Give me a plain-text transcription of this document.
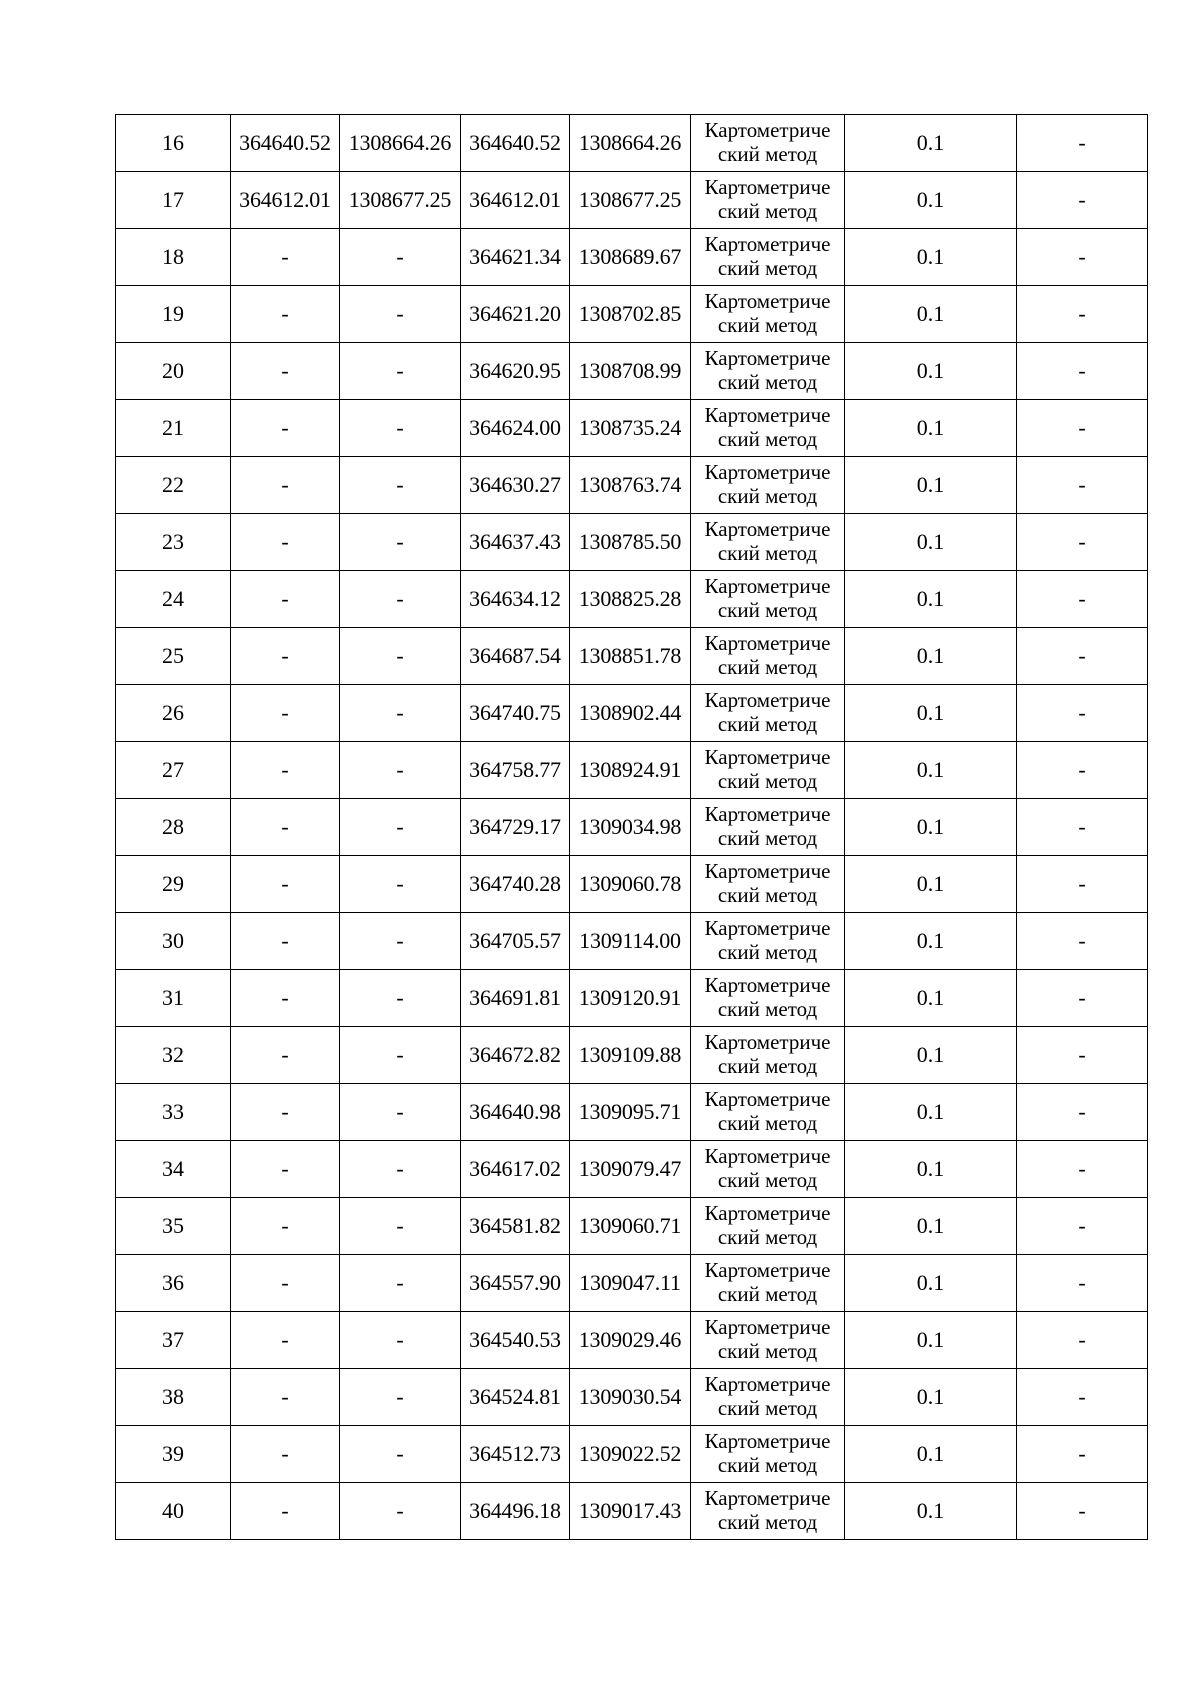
16	364640.52	1308664.26	364640.52	1308664.26	Картометриче
ский метод	0.1	-
17	364612.01	1308677.25	364612.01	1308677.25	Картометриче
ский метод	0.1	-
18	-	-	364621.34	1308689.67	Картометриче
ский метод	0.1	-
19	-	-	364621.20	1308702.85	Картометриче
ский метод	0.1	-
20	-	-	364620.95	1308708.99	Картометриче
ский метод	0.1	-
21	-	-	364624.00	1308735.24	Картометриче
ский метод	0.1	-
22	-	-	364630.27	1308763.74	Картометриче
ский метод	0.1	-
23	-	-	364637.43	1308785.50	Картометриче
ский метод	0.1	-
24	-	-	364634.12	1308825.28	Картометриче
ский метод	0.1	-
25	-	-	364687.54	1308851.78	Картометриче
ский метод	0.1	-
26	-	-	364740.75	1308902.44	Картометриче
ский метод	0.1	-
27	-	-	364758.77	1308924.91	Картометриче
ский метод	0.1	-
28	-	-	364729.17	1309034.98	Картометриче
ский метод	0.1	-
29	-	-	364740.28	1309060.78	Картометриче
ский метод	0.1	-
30	-	-	364705.57	1309114.00	Картометриче
ский метод	0.1	-
31	-	-	364691.81	1309120.91	Картометриче
ский метод	0.1	-
32	-	-	364672.82	1309109.88	Картометриче
ский метод	0.1	-
33	-	-	364640.98	1309095.71	Картометриче
ский метод	0.1	-
34	-	-	364617.02	1309079.47	Картометриче
ский метод	0.1	-
35	-	-	364581.82	1309060.71	Картометриче
ский метод	0.1	-
36	-	-	364557.90	1309047.11	Картометриче
ский метод	0.1	-
37	-	-	364540.53	1309029.46	Картометриче
ский метод	0.1	-
38	-	-	364524.81	1309030.54	Картометриче
ский метод	0.1	-
39	-	-	364512.73	1309022.52	Картометриче
ский метод	0.1	-
40	-	-	364496.18	1309017.43	Картометриче
ский метод	0.1	-
